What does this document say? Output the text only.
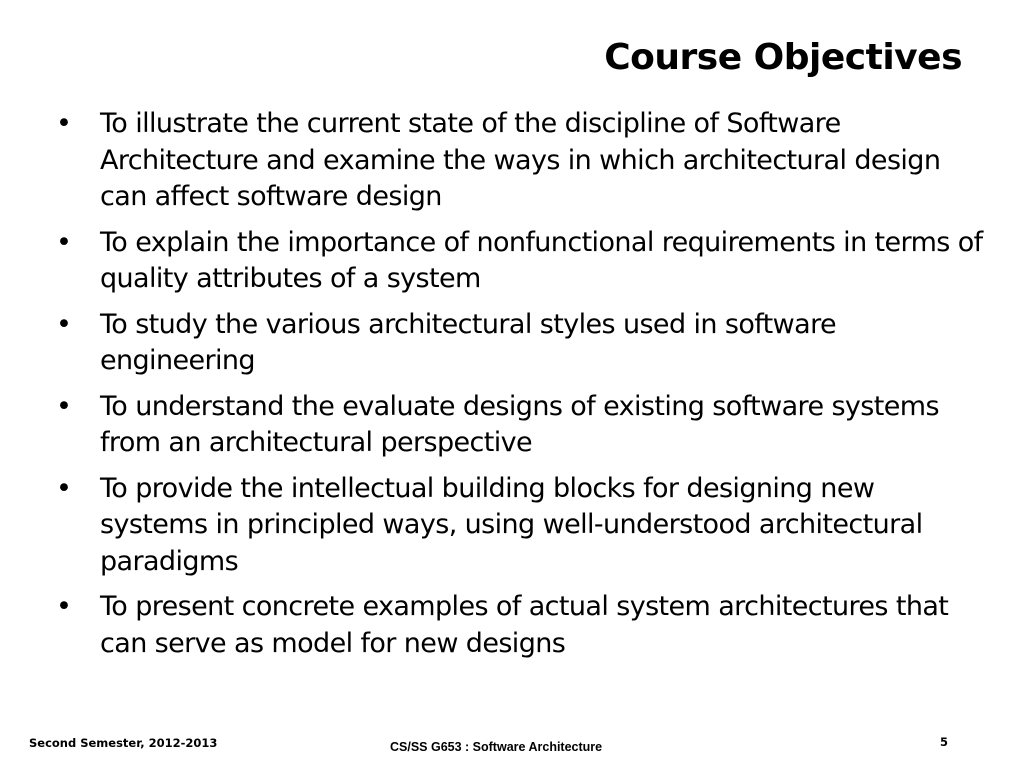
Course Objectives
• To illustrate the current state of the discipline of Software Architecture and examine the ways in which architectural design can affect software design
• To explain the importance of nonfunctional requirements in terms of quality attributes of a system
• To study the various architectural styles used in software engineering
• To understand the evaluate designs of existing software systems from an architectural perspective
• To provide the intellectual building blocks for designing new systems in principled ways, using well-understood architectural paradigms
• To present concrete examples of actual system architectures that can serve as model for new designs
Second Semester, 2012-2013	CS/SS G653 : Software Architecture	5
